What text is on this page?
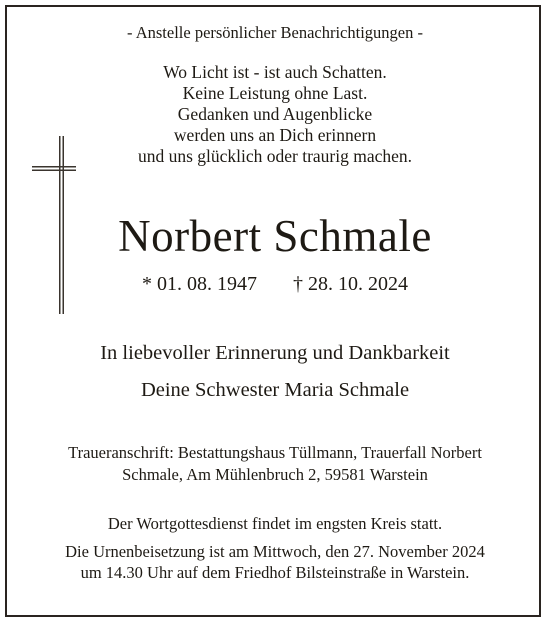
- Anstelle persönlicher Benachrichtigungen -
Wo Licht ist - ist auch Schatten.
Keine Leistung ohne Last.
Gedanken und Augenblicke
werden uns an Dich erinnern
und uns glücklich oder traurig machen.
Norbert Schmale
* 01. 08. 1947 † 28. 10. 2024
In liebevoller Erinnerung und Dankbarkeit
Deine Schwester Maria Schmale
Traueranschrift: Bestattungshaus Tüllmann, Trauerfall Norbert
Schmale, Am Mühlenbruch 2, 59581 Warstein
Der Wortgottesdienst findet im engsten Kreis statt.
Die Urnenbeisetzung ist am Mittwoch, den 27. November 2024
um 14.30 Uhr auf dem Friedhof Bilsteinstraße in Warstein.
